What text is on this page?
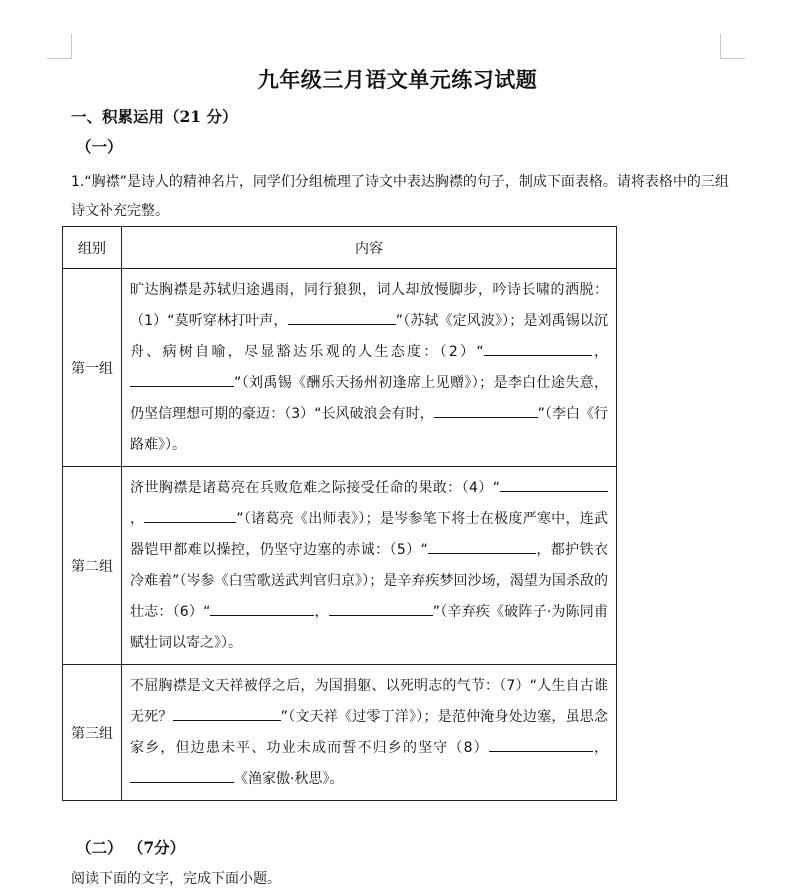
九年级三月语文单元练习试题
一、积累运用（21 分）
（一）
1.“胸襟”是诗人的精神名片，同学们分组梳理了诗文中表达胸襟的句子，制成下面表格。请将表格中的三组诗文补充完整。
组别	内容
第一组	旷达胸襟是苏轼归途遇雨，同行狼狈，词人却放慢脚步，吟诗长啸的洒脱：（1）“莫听穿林打叶声， ”（苏轼《定风波》）；是刘禹锡以沉舟、病树自喻，尽显豁达乐观的人生态度：（2）“ ，”（刘禹锡《酬乐天扬州初逢席上见赠》）；是李白仕途失意，仍坚信理想可期的豪迈：（3）“长风破浪会有时， ”（李白《行路难》）。
第二组	济世胸襟是诸葛亮在兵败危难之际接受任命的果敢：（4）“， ”（诸葛亮《出师表》）；是岑参笔下将士在极度严寒中，连武器铠甲都难以操控，仍坚守边塞的赤诚：（5）“ ，都护铁衣冷难着”（岑参《白雪歌送武判官归京》）；是辛弃疾梦回沙场，渴望为国杀敌的壮志：（6）“ ， ”（辛弃疾《破阵子·为陈同甫赋壮词以寄之》）。
第三组	不屈胸襟是文天祥被俘之后，为国捐躯、以死明志的气节：（7）“人生自古谁无死？ ”（文天祥《过零丁洋》）；是范仲淹身处边塞，虽思念家乡，但边患未平、功业未成而誓不归乡的坚守（8） ，《渔家傲·秋思》。
（二） （7分）
阅读下面的文字，完成下面小题。
